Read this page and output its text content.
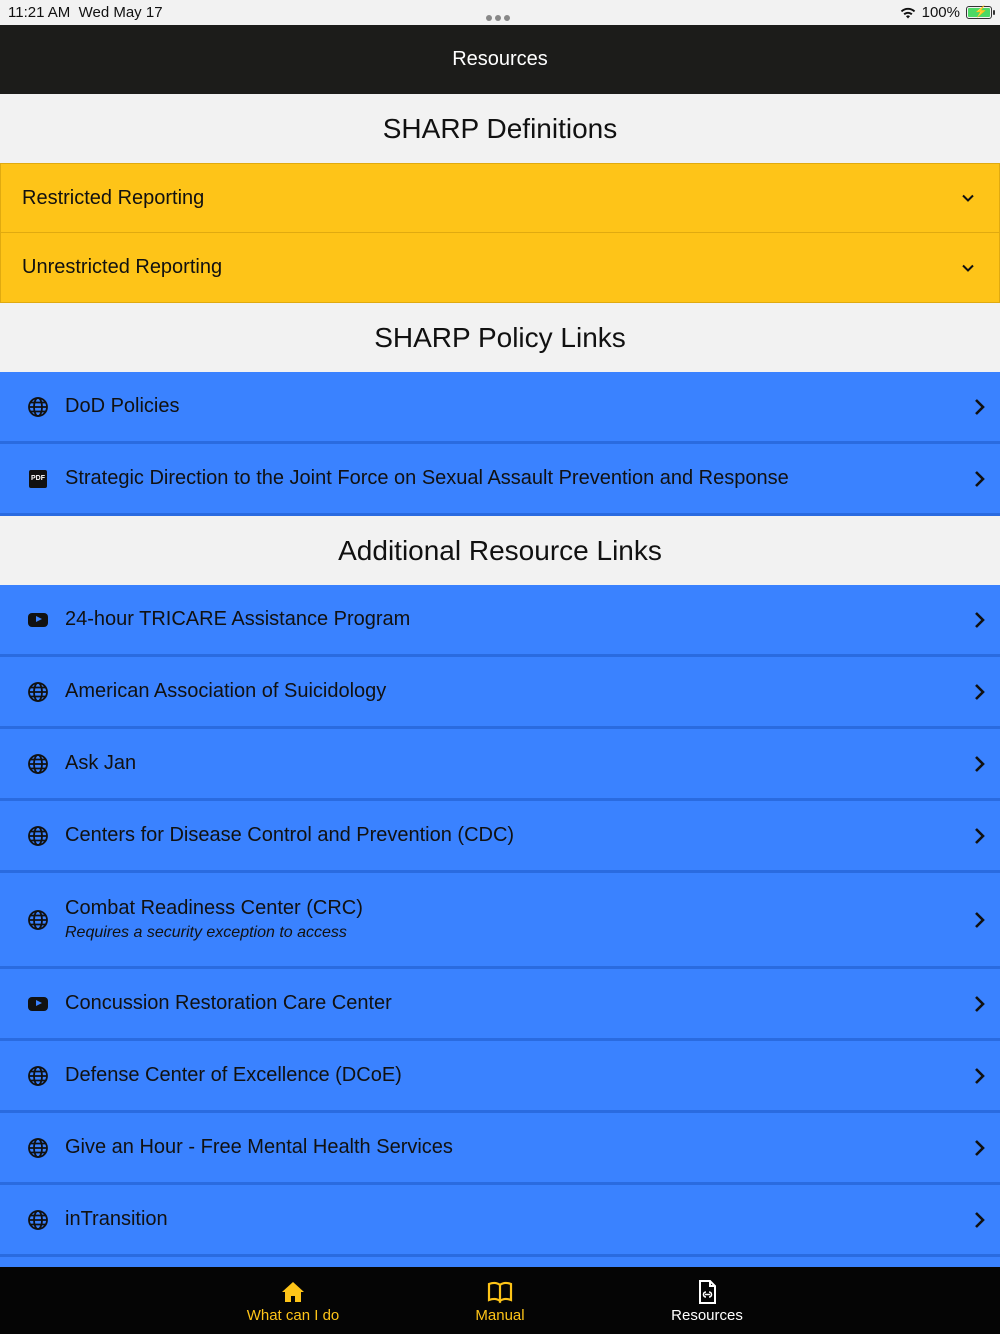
11:21 AM Wed May 17	100% ⚡
Resources
SHARP Definitions
Restricted Reporting
Unrestricted Reporting
SHARP Policy Links
DoD Policies
PDF Strategic Direction to the Joint Force on Sexual Assault Prevention and Response
Additional Resource Links
24-hour TRICARE Assistance Program
American Association of Suicidology
Ask Jan
Centers for Disease Control and Prevention (CDC)
Combat Readiness Center (CRC)
Requires a security exception to access
Concussion Restoration Care Center
Defense Center of Excellence (DCoE)
Give an Hour - Free Mental Health Services
inTransition
What can I do	Manual	Resources
